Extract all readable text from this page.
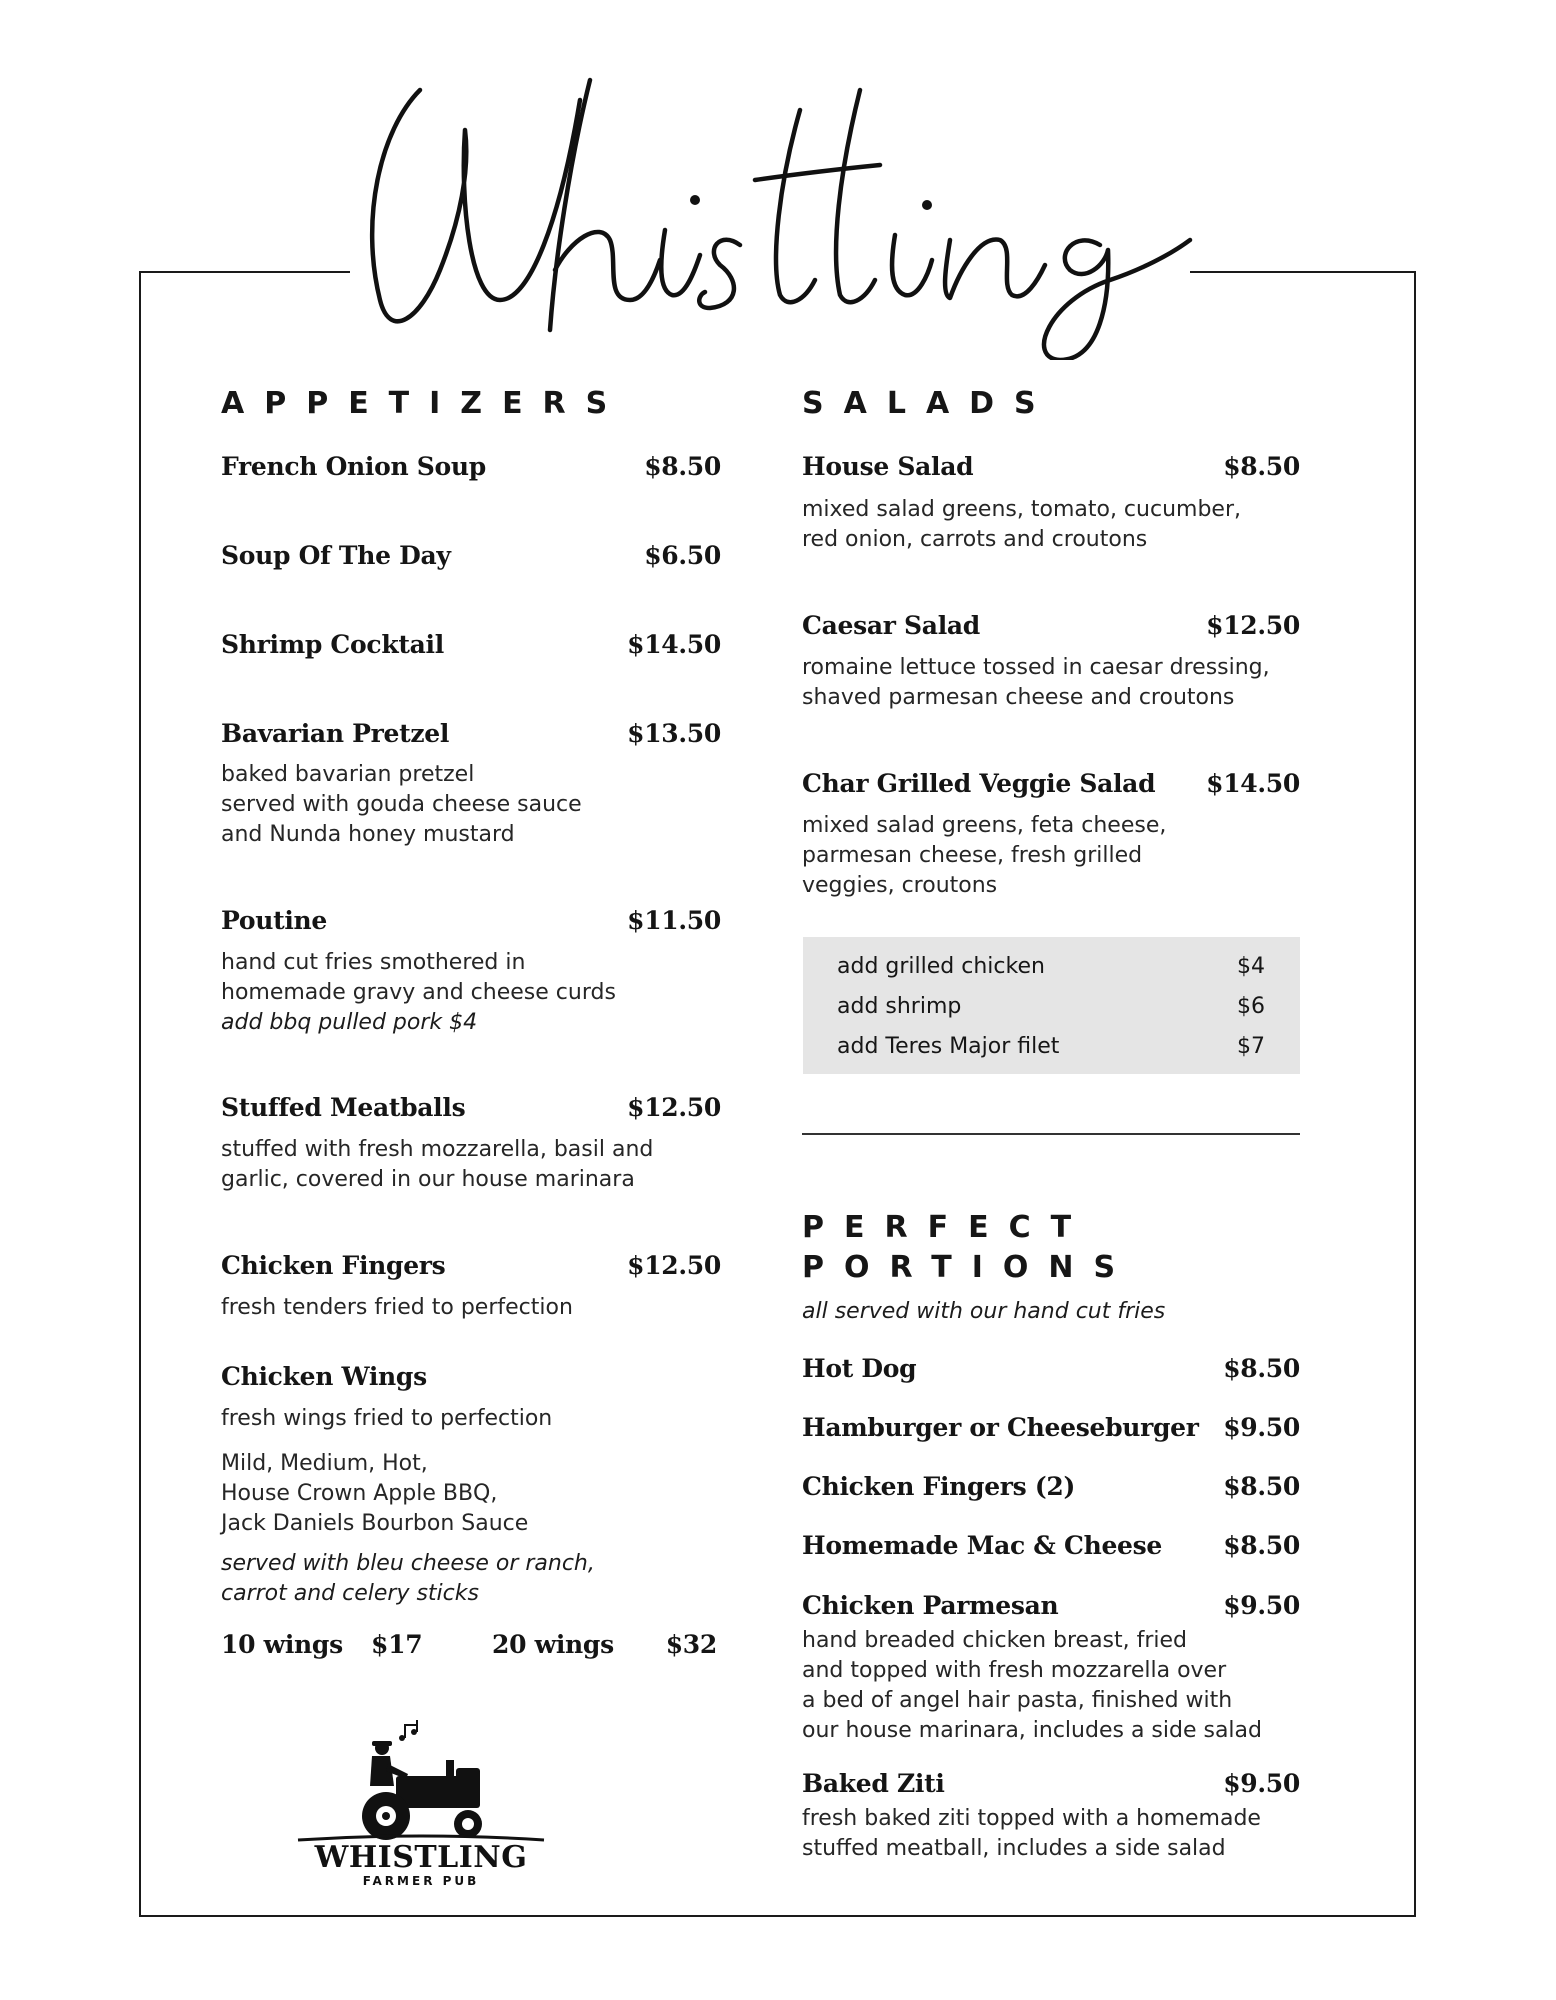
APPETIZERS
French Onion Soup	$8.50
Soup Of The Day	$6.50
Shrimp Cocktail	$14.50
Bavarian Pretzel	$13.50
baked bavarian pretzel
served with gouda cheese sauce
and Nunda honey mustard
Poutine	$11.50
hand cut fries smothered in
homemade gravy and cheese curds
add bbq pulled pork $4
Stuffed Meatballs	$12.50
stuffed with fresh mozzarella, basil and
garlic, covered in our house marinara
Chicken Fingers	$12.50
fresh tenders fried to perfection
Chicken Wings
fresh wings fried to perfection
Mild, Medium, Hot,
House Crown Apple BBQ,
Jack Daniels Bourbon Sauce
served with bleu cheese or ranch,
carrot and celery sticks
10 wings $17	20 wings $32
WHISTLING
FARMER PUB
SALADS
House Salad	$8.50
mixed salad greens, tomato, cucumber,
red onion, carrots and croutons
Caesar Salad	$12.50
romaine lettuce tossed in caesar dressing,
shaved parmesan cheese and croutons
Char Grilled Veggie Salad $14.50
mixed salad greens, feta cheese,
parmesan cheese, fresh grilled
veggies, croutons
add grilled chicken	$4
add shrimp	$6
add Teres Major filet	$7
PERFECT
PORTIONS
all served with our hand cut fries
Hot Dog	$8.50
Hamburger or Cheeseburger $9.50
Chicken Fingers (2)	$8.50
Homemade Mac & Cheese $8.50
Chicken Parmesan	$9.50
hand breaded chicken breast, fried
and topped with fresh mozzarella over
a bed of angel hair pasta, finished with
our house marinara, includes a side salad
Baked Ziti	$9.50
fresh baked ziti topped with a homemade
stuffed meatball, includes a side salad
